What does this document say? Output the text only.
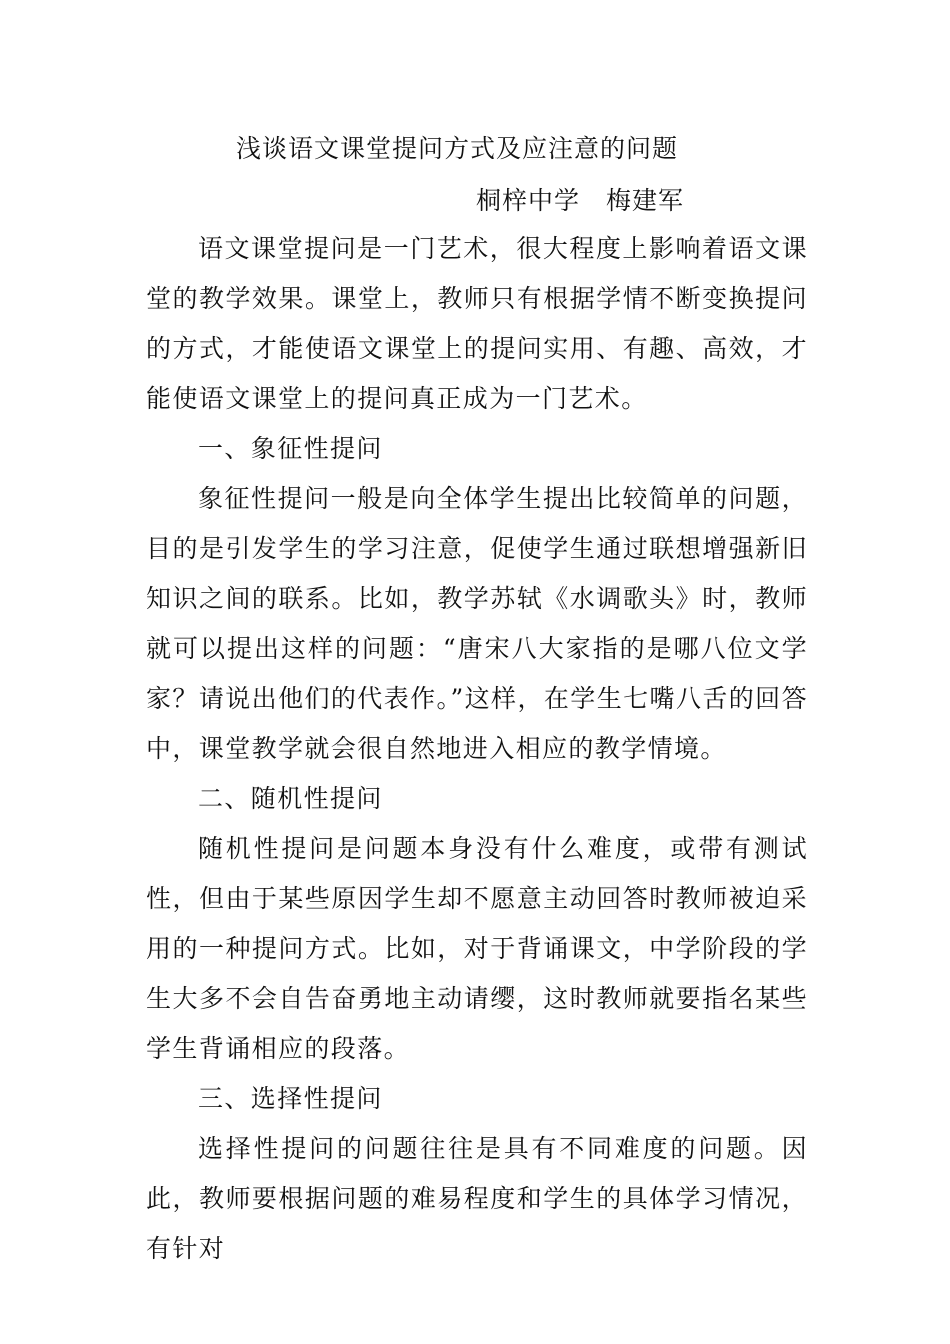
浅谈语文课堂提问方式及应注意的问题
桐梓中学 梅建军

语文课堂提问是一门艺术，很大程度上影响着语文课堂的教学效果。课堂上，教师只有根据学情不断变换提问的方式，才能使语文课堂上的提问实用、有趣、高效，才能使语文课堂上的提问真正成为一门艺术。

一、象征性提问

象征性提问一般是向全体学生提出比较简单的问题，目的是引发学生的学习注意，促使学生通过联想增强新旧知识之间的联系。比如，教学苏轼《水调歌头》时，教师就可以提出这样的问题：“唐宋八大家指的是哪八位文学家？请说出他们的代表作。”这样，在学生七嘴八舌的回答中，课堂教学就会很自然地进入相应的教学情境。

二、随机性提问

随机性提问是问题本身没有什么难度，或带有测试性，但由于某些原因学生却不愿意主动回答时教师被迫采用的一种提问方式。比如，对于背诵课文，中学阶段的学生大多不会自告奋勇地主动请缨，这时教师就要指名某些学生背诵相应的段落。

三、选择性提问

选择性提问的问题往往是具有不同难度的问题。因此，教师要根据问题的难易程度和学生的具体学习情况，有针对
